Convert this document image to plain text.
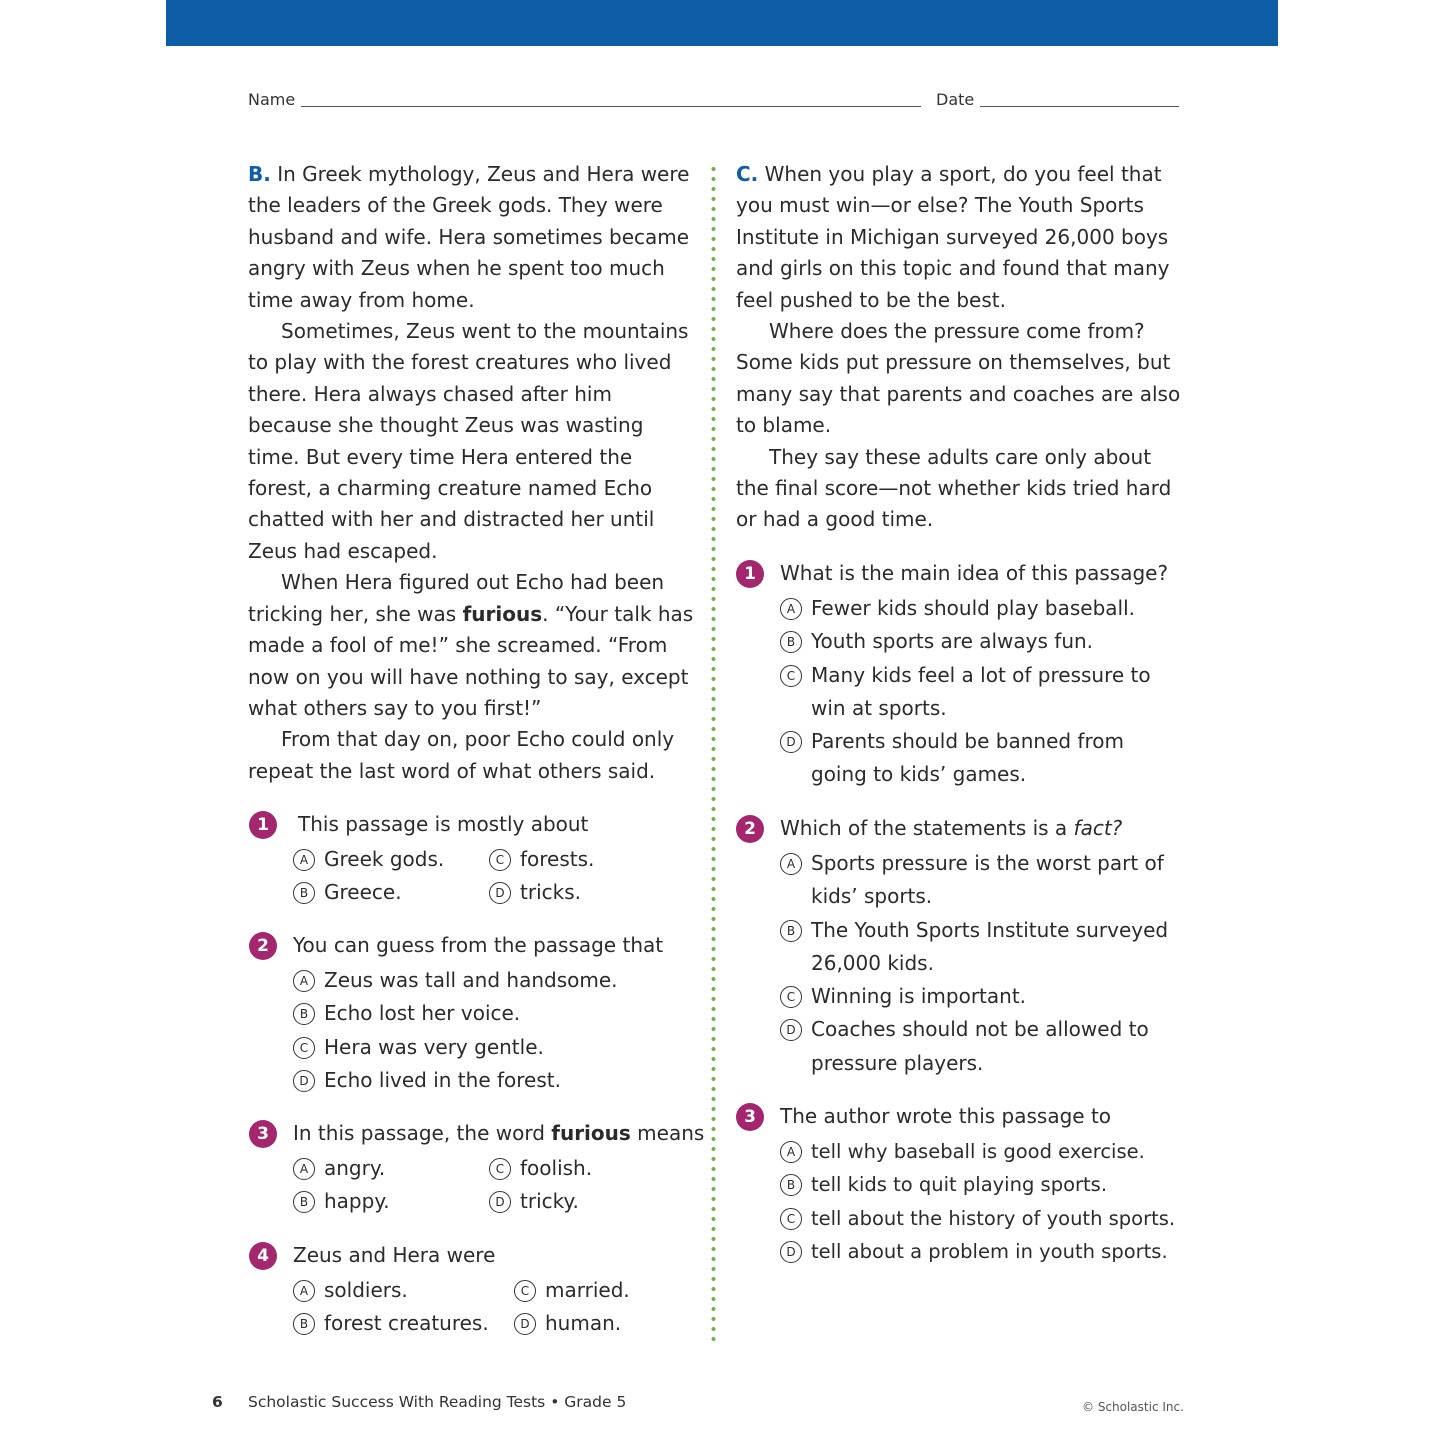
Name	Date

B. In Greek mythology, Zeus and Hera were the leaders of the Greek gods. They were husband and wife. Hera sometimes became angry with Zeus when he spent too much time away from home.

Sometimes, Zeus went to the mountains to play with the forest creatures who lived there. Hera always chased after him because she thought Zeus was wasting time. But every time Hera entered the forest, a charming creature named Echo chatted with her and distracted her until Zeus had escaped.

When Hera figured out Echo had been tricking her, she was furious. “Your talk has made a fool of me!” she screamed. “From now on you will have nothing to say, except what others say to you first!”

From that day on, poor Echo could only repeat the last word of what others said.

C. When you play a sport, do you feel that you must win—or else? The Youth Sports Institute in Michigan surveyed 26,000 boys and girls on this topic and found that many feel pushed to be the best.

Where does the pressure come from? Some kids put pressure on themselves, but many say that parents and coaches are also to blame.

They say these adults care only about the final score—not whether kids tried hard or had a good time.

1	This passage is mostly about
A Greek gods.	C forests.
B Greece.	D tricks.
2	You can guess from the passage that
A Zeus was tall and handsome.
B Echo lost her voice.
C Hera was very gentle.
D Echo lived in the forest.
3	In this passage, the word furious means
A angry.	C foolish.
B happy.	D tricky.
4	Zeus and Hera were
A soldiers.	C married.
B forest creatures.	D human.
1	What is the main idea of this passage?
A Fewer kids should play baseball.
B Youth sports are always fun.
C Many kids feel a lot of pressure to win at sports.
D Parents should be banned from going to kids’ games.
2	Which of the statements is a fact?
A Sports pressure is the worst part of kids’ sports.
B The Youth Sports Institute surveyed 26,000 kids.
C Winning is important.
D Coaches should not be allowed to pressure players.
3	The author wrote this passage to
A tell why baseball is good exercise.
B tell kids to quit playing sports.
C tell about the history of youth sports.
D tell about a problem in youth sports.
6 Scholastic Success With Reading Tests • Grade 5	© Scholastic Inc.
